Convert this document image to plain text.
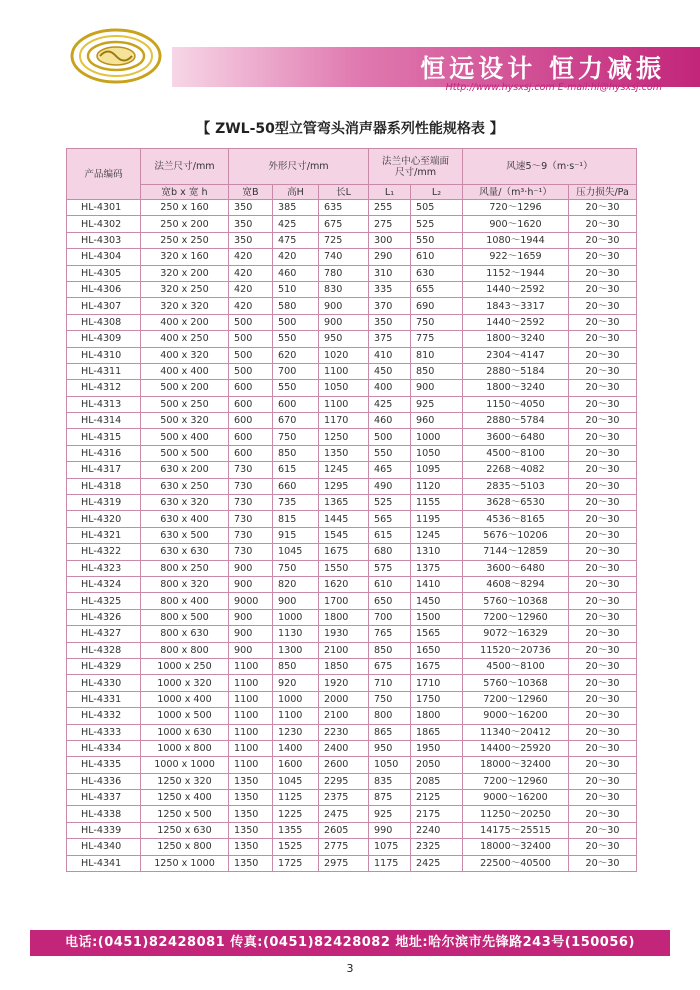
恒远设计 恒力减振
Http://www.hysxsj.com E-mail:hl@hysxsj.com
【 ZWL-50型立管弯头消声器系列性能规格表 】
产品编码	法兰尺寸/mm	外形尺寸/mm			法兰中心至端面尺寸/mm		风速5～9（m·s⁻¹）	
	宽b x 宽 h	宽B	高H	长L	L₁	L₂	风量/（m³·h⁻¹）	压力损失/Pa
HL-4301	250 x 160	350	385	635	255	505	720～1296	20～30
HL-4302	250 x 200	350	425	675	275	525	900～1620	20～30
HL-4303	250 x 250	350	475	725	300	550	1080～1944	20～30
HL-4304	320 x 160	420	420	740	290	610	922～1659	20～30
HL-4305	320 x 200	420	460	780	310	630	1152～1944	20～30
HL-4306	320 x 250	420	510	830	335	655	1440～2592	20～30
HL-4307	320 x 320	420	580	900	370	690	1843～3317	20～30
HL-4308	400 x 200	500	500	900	350	750	1440～2592	20～30
HL-4309	400 x 250	500	550	950	375	775	1800～3240	20～30
HL-4310	400 x 320	500	620	1020	410	810	2304～4147	20～30
HL-4311	400 x 400	500	700	1100	450	850	2880～5184	20～30
HL-4312	500 x 200	600	550	1050	400	900	1800～3240	20～30
HL-4313	500 x 250	600	600	1100	425	925	1150～4050	20～30
HL-4314	500 x 320	600	670	1170	460	960	2880～5784	20～30
HL-4315	500 x 400	600	750	1250	500	1000	3600～6480	20～30
HL-4316	500 x 500	600	850	1350	550	1050	4500～8100	20～30
HL-4317	630 x 200	730	615	1245	465	1095	2268～4082	20～30
HL-4318	630 x 250	730	660	1295	490	1120	2835～5103	20～30
HL-4319	630 x 320	730	735	1365	525	1155	3628～6530	20～30
HL-4320	630 x 400	730	815	1445	565	1195	4536～8165	20～30
HL-4321	630 x 500	730	915	1545	615	1245	5676～10206	20～30
HL-4322	630 x 630	730	1045	1675	680	1310	7144～12859	20～30
HL-4323	800 x 250	900	750	1550	575	1375	3600～6480	20～30
HL-4324	800 x 320	900	820	1620	610	1410	4608～8294	20～30
HL-4325	800 x 400	9000	900	1700	650	1450	5760～10368	20～30
HL-4326	800 x 500	900	1000	1800	700	1500	7200～12960	20～30
HL-4327	800 x 630	900	1130	1930	765	1565	9072～16329	20～30
HL-4328	800 x 800	900	1300	2100	850	1650	11520～20736	20～30
HL-4329	1000 x 250	1100	850	1850	675	1675	4500～8100	20～30
HL-4330	1000 x 320	1100	920	1920	710	1710	5760～10368	20～30
HL-4331	1000 x 400	1100	1000	2000	750	1750	7200～12960	20～30
HL-4332	1000 x 500	1100	1100	2100	800	1800	9000～16200	20～30
HL-4333	1000 x 630	1100	1230	2230	865	1865	11340～20412	20～30
HL-4334	1000 x 800	1100	1400	2400	950	1950	14400～25920	20～30
HL-4335	1000 x 1000	1100	1600	2600	1050	2050	18000～32400	20～30
HL-4336	1250 x 320	1350	1045	2295	835	2085	7200～12960	20～30
HL-4337	1250 x 400	1350	1125	2375	875	2125	9000～16200	20～30
HL-4338	1250 x 500	1350	1225	2475	925	2175	11250～20250	20～30
HL-4339	1250 x 630	1350	1355	2605	990	2240	14175～25515	20～30
HL-4340	1250 x 800	1350	1525	2775	1075	2325	18000～32400	20～30
HL-4341	1250 x 1000	1350	1725	2975	1175	2425	22500～40500	20～30
电话:(0451)82428081 传真:(0451)82428082 地址:哈尔滨市先锋路243号(150056)
3
